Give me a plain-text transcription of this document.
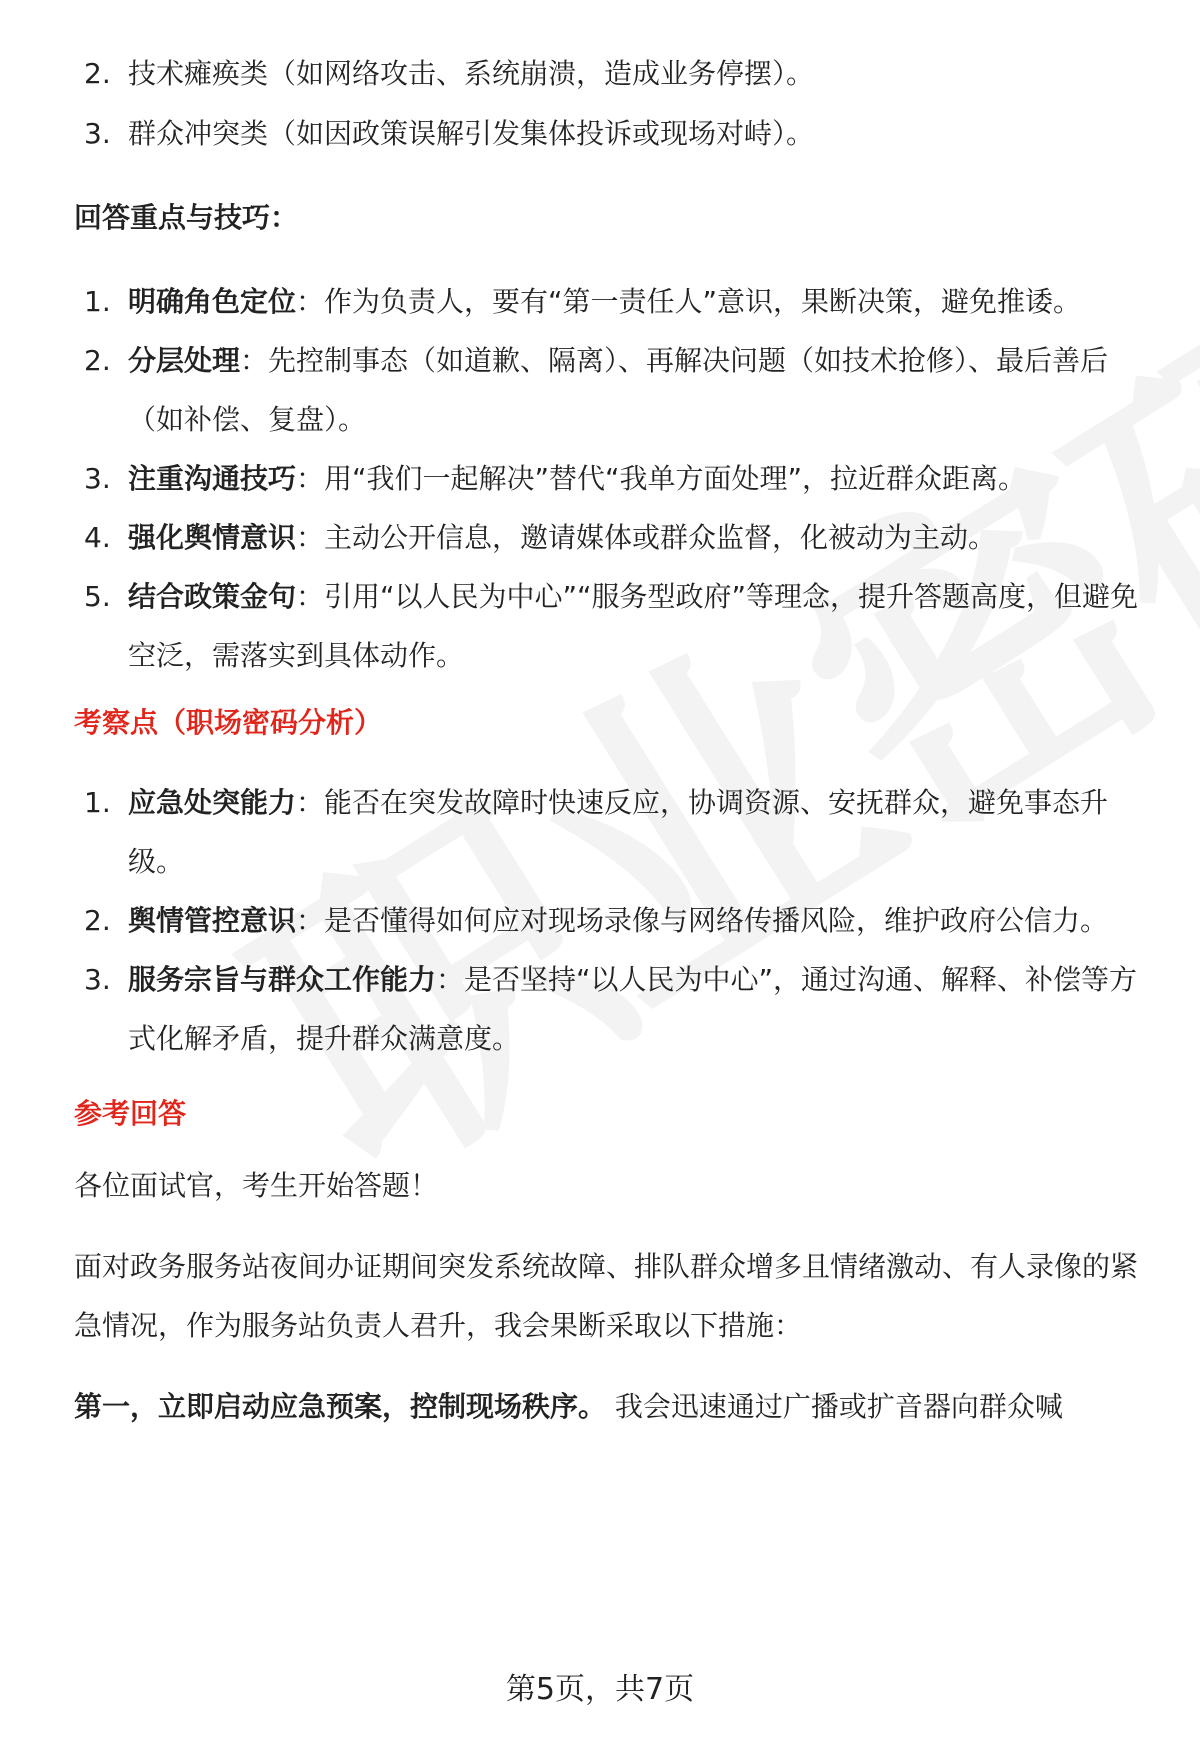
2. 技术瘫痪类（如网络攻击、系统崩溃，造成业务停摆）。
3. 群众冲突类（如因政策误解引发集体投诉或现场对峙）。
回答重点与技巧：
1. 明确角色定位：作为负责人，要有“第一责任人”意识，果断决策，避免推诿。
2. 分层处理：先控制事态（如道歉、隔离）、再解决问题（如技术抢修）、最后善后（如补偿、复盘）。
3. 注重沟通技巧：用“我们一起解决”替代“我单方面处理”，拉近群众距离。
4. 强化舆情意识：主动公开信息，邀请媒体或群众监督，化被动为主动。
5. 结合政策金句：引用“以人民为中心”“服务型政府”等理念，提升答题高度，但避免空泛，需落实到具体动作。
考察点（职场密码分析）
1. 应急处突能力：能否在突发故障时快速反应，协调资源、安抚群众，避免事态升级。
2. 舆情管控意识：是否懂得如何应对现场录像与网络传播风险，维护政府公信力。
3. 服务宗旨与群众工作能力：是否坚持“以人民为中心”，通过沟通、解释、补偿等方式化解矛盾，提升群众满意度。
参考回答

各位面试官，考生开始答题！

面对政务服务站夜间办证期间突发系统故障、排队群众增多且情绪激动、有人录像的紧急情况，作为服务站负责人君升，我会果断采取以下措施：

第一，立即启动应急预案，控制现场秩序。 我会迅速通过广播或扩音器向群众喊

第5页，共7页
